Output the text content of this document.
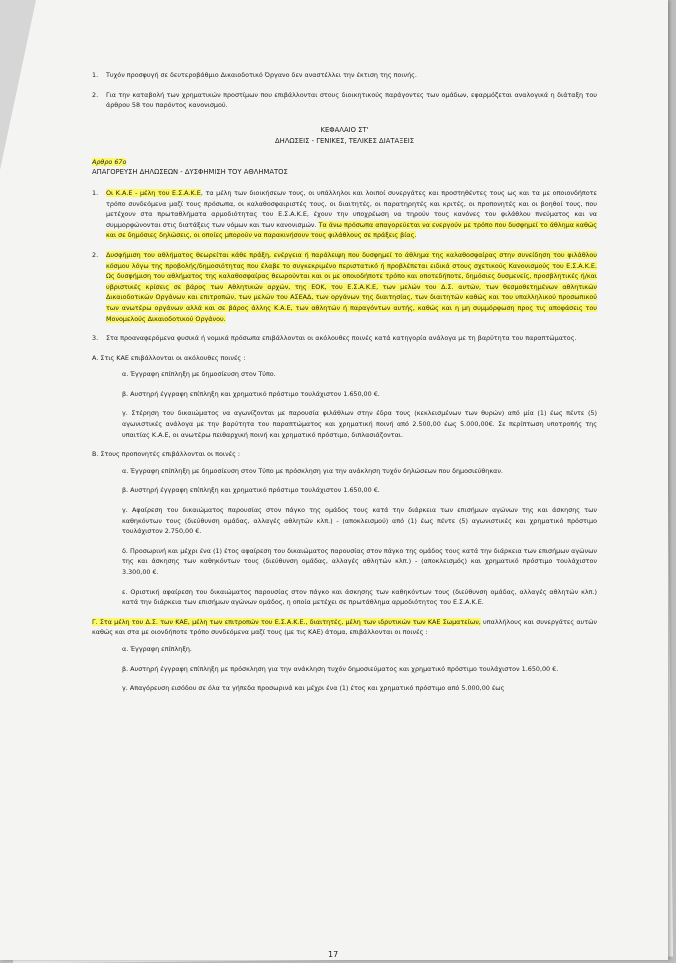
1.	Τυχόν προσφυγή σε δευτεροβάθμιο Δικαιοδοτικό Όργανο δεν αναστέλλει την έκτιση της ποινής.
2.	Για την καταβολή των χρηματικών προστίμων που επιβάλλονται στους διοικητικούς παράγοντες των ομάδων, εφαρμόζεται αναλογικά η διάταξη του άρθρου 58 του παρόντος κανονισμού.

ΚΕΦΑΛΑΙΟ ΣΤ'

ΔΗΛΩΣΕΙΣ - ΓΕΝΙΚΕΣ, ΤΕΛΙΚΕΣ ΔΙΑΤΑΞΕΙΣ

Αρθρο 67ο

ΑΠΑΓΟΡΕΥΣΗ ΔΗΛΩΣΕΩΝ - ΔΥΣΦΗΜΙΣΗ ΤΟΥ ΑΘΛΗΜΑΤΟΣ

1.	Οι Κ.Α.Ε - μέλη του Ε.Σ.Α.Κ.Ε, τα μέλη των διοικήσεων τους, οι υπάλληλοι και λοιποί συνεργάτες και προστηθέντες τους ως και τα με οποιονδήποτε τρόπο συνδεόμενα μαζί τους πρόσωπα, οι καλαθοσφαιριστές τους, οι διαιτητές, οι παρατηρητές και κριτές, οι προπονητές και οι βοηθοί τους, που μετέχουν στα πρωταθλήματα αρμοδιότητας του Ε.Σ.Α.Κ.Ε, έχουν την υποχρέωση να τηρούν τους κανόνες του φιλάθλου πνεύματος και να συμμορφώνονται στις διατάξεις των νόμων και των κανονισμών. Τα άνω πρόσωπα απαγορεύεται να ενεργούν με τρόπο που δυσφημεί το άθλημα καθώς και σε δημόσιες δηλώσεις, οι οποίες μπορούν να παρακινήσουν τους φιλάθλους σε πράξεις βίας.
2.	Δυσφήμιση του αθλήματος θεωρείται κάθε πράξη, ενέργεια ή παράλειψη που δυσφημεί το άθλημα της καλαθοσφαίρας στην συνείδηση του φιλάθλου κόσμου λόγω της προβολής/δημοσιότητας που έλαβε το συγκεκριμένο περιστατικό ή προβλέπεται ειδικά στους σχετικούς Κανονισμούς του Ε.Σ.Α.Κ.Ε. Ως δυσφήμιση του αθλήματος της καλαθοσφαίρας θεωρούνται και οι με οποιοδήποτε τρόπο και οποτεδήποτε, δημόσιες δυσμενείς, προσβλητικές ή/και υβριστικές κρίσεις σε βάρος των Αθλητικών αρχών, της ΕΟΚ, του Ε.Σ.Α.Κ.Ε, των μελών του Δ.Σ. αυτών, των θεσμοθετημένων αθλητικών Δικαιοδοτικών Οργάνων και επιτροπών, των μελών του ΑΣΕΑΔ, των οργάνων της διαιτησίας, των διαιτητών καθώς και του υπαλληλικού προσωπικού των ανωτέρω οργάνων αλλά και σε βάρος άλλης Κ.Α.Ε, των αθλητών ή παραγόντων αυτής, καθώς και η μη συμμόρφωση προς τις αποφάσεις του Μονομελούς Δικαιοδοτικού Οργάνου.
3.	Στα προαναφερόμενα φυσικά ή νομικά πρόσωπα επιβάλλονται οι ακόλουθες ποινές κατά κατηγορία ανάλογα με τη βαρύτητα του παραπτώματος.

Α. Στις ΚΑΕ επιβάλλονται οι ακόλουθες ποινές :

α. Έγγραφη επίπληξη με δημοσίευση στον Τύπο.

β. Αυστηρή έγγραφη επίπληξη και χρηματικό πρόστιμο τουλάχιστον 1.650,00 €.

γ. Στέρηση του δικαιώματος να αγωνίζονται με παρουσία φιλάθλων στην έδρα τους (κεκλεισμένων των θυρών) από μία (1) έως πέντε (5) αγωνιστικές ανάλογα με την βαρύτητα του παραπτώματος και χρηματική ποινή από 2.500,00 έως 5.000,00€. Σε περίπτωση υποτροπής της υπαιτίας Κ.Α.Ε, οι ανωτέρω πειθαρχική ποινή και χρηματικό πρόστιμο, διπλασιάζονται.

Β. Στους προπονητές επιβάλλονται οι ποινές :

α. Έγγραφη επίπληξη με δημοσίευση στον Τύπο με πρόσκληση για την ανάκληση τυχόν δηλώσεων που δημοσιεύθηκαν.

β. Αυστηρή έγγραφη επίπληξη και χρηματικό πρόστιμο τουλάχιστον 1.650,00 €.

γ. Αφαίρεση του δικαιώματος παρουσίας στον πάγκο της ομάδος τους κατά την διάρκεια των επισήμων αγώνων της και άσκησης των καθηκόντων τους (διεύθυνση ομάδας, αλλαγές αθλητών κλπ.) - (αποκλεισμού) από (1) έως πέντε (5) αγωνιστικές και χρηματικό πρόστιμο τουλάχιστον 2.750,00 €.

δ. Προσωρινή και μέχρι ένα (1) έτος αφαίρεση του δικαιώματος παρουσίας στον πάγκο της ομάδος τους κατά την διάρκεια των επισήμων αγώνων της και άσκησης των καθηκόντων τους (διεύθυνση ομάδας, αλλαγές αθλητών κλπ.) - (αποκλεισμός) και χρηματικό πρόστιμο τουλάχιστον 3.300,00 €.

ε. Οριστική αφαίρεση του δικαιώματος παρουσίας στον πάγκο και άσκησης των καθηκόντων τους (διεύθυνση ομάδας, αλλαγές αθλητών κλπ.) κατά την διάρκεια των επισήμων αγώνων ομάδος, η οποία μετέχει σε πρωτάθλημα αρμοδιότητος του Ε.Σ.Α.Κ.Ε.

Γ. Στα μέλη του Δ.Σ. των ΚΑΕ, μέλη των επιτροπών του Ε.Σ.Α.Κ.Ε., διαιτητές, μέλη των ιδρυτικών των ΚΑΕ Σωματείων, υπαλλήλους και συνεργάτες αυτών καθώς και στα με οιονδήποτε τρόπο συνδεόμενα μαζί τους (με τις ΚΑΕ) άτομα, επιβάλλονται οι ποινές :

α. Έγγραφη επίπληξη.

β. Αυστηρή έγγραφη επίπληξη με πρόσκληση για την ανάκληση τυχόν δημοσιεύματος και χρηματικό πρόστιμο τουλάχιστον 1.650,00 €.

γ. Απαγόρευση εισόδου σε όλα τα γήπεδα προσωρινά και μέχρι ένα (1) έτος και χρηματικό πρόστιμο από 5.000,00 έως

17
